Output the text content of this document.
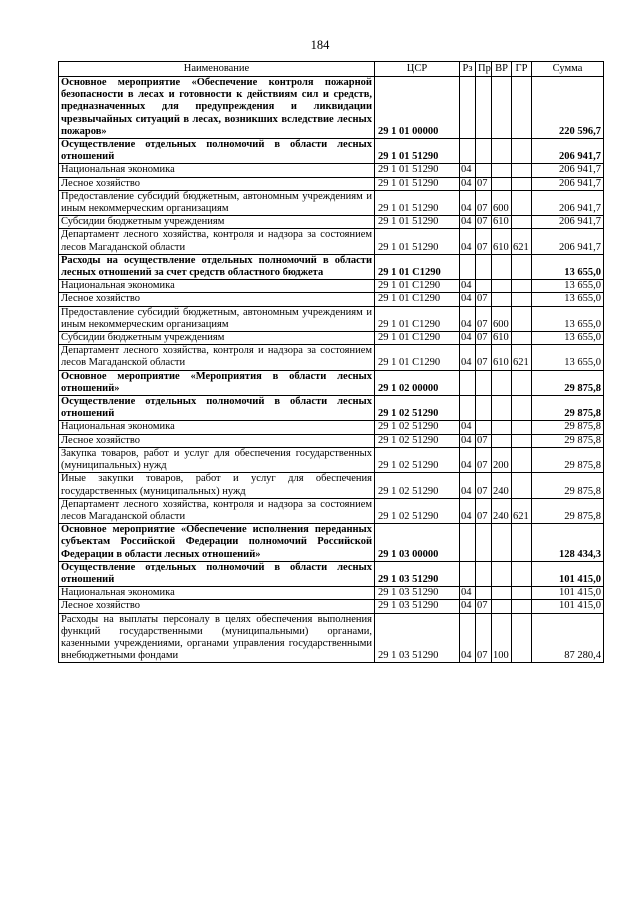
184
Наименование	ЦСР	Рз	Пр	ВР	ГР	Сумма
Основное мероприятие «Обеспечение контроля пожарной безопасности в лесах и готовности к действиям сил и средств, предназначенных для предупреждения и ликвидации чрезвычайных ситуаций в лесах, возникших вследствие лесных пожаров»	29 1 01 00000					220 596,7
Осуществление отдельных полномочий в области лесных отношений	29 1 01 51290					206 941,7
Национальная экономика	29 1 01 51290	04				206 941,7
Лесное хозяйство	29 1 01 51290	04	07			206 941,7
Предоставление субсидий бюджетным, автономным учреждениям и иным некоммерческим организациям	29 1 01 51290	04	07	600		206 941,7
Субсидии бюджетным учреждениям	29 1 01 51290	04	07	610		206 941,7
Департамент лесного хозяйства, контроля и надзора за состоянием лесов Магаданской области	29 1 01 51290	04	07	610	621	206 941,7
Расходы на осуществление отдельных полномочий в области лесных отношений за счет средств областного бюджета	29 1 01 С1290					13 655,0
Национальная экономика	29 1 01 С1290	04				13 655,0
Лесное хозяйство	29 1 01 С1290	04	07			13 655,0
Предоставление субсидий бюджетным, автономным учреждениям и иным некоммерческим организациям	29 1 01 С1290	04	07	600		13 655,0
Субсидии бюджетным учреждениям	29 1 01 С1290	04	07	610		13 655,0
Департамент лесного хозяйства, контроля и надзора за состоянием лесов Магаданской области	29 1 01 С1290	04	07	610	621	13 655,0
Основное мероприятие «Мероприятия в области лесных отношений»	29 1 02 00000					29 875,8
Осуществление отдельных полномочий в области лесных отношений	29 1 02 51290					29 875,8
Национальная экономика	29 1 02 51290	04				29 875,8
Лесное хозяйство	29 1 02 51290	04	07			29 875,8
Закупка товаров, работ и услуг для обеспечения государственных (муниципальных) нужд	29 1 02 51290	04	07	200		29 875,8
Иные закупки товаров, работ и услуг для обеспечения государственных (муниципальных) нужд	29 1 02 51290	04	07	240		29 875,8
Департамент лесного хозяйства, контроля и надзора за состоянием лесов Магаданской области	29 1 02 51290	04	07	240	621	29 875,8
Основное мероприятие «Обеспечение исполнения переданных субъектам Российской Федерации полномочий Российской Федерации в области лесных отношений»	29 1 03 00000					128 434,3
Осуществление отдельных полномочий в области лесных отношений	29 1 03 51290					101 415,0
Национальная экономика	29 1 03 51290	04				101 415,0
Лесное хозяйство	29 1 03 51290	04	07			101 415,0
Расходы на выплаты персоналу в целях обеспечения выполнения функций государственными (муниципальными) органами, казенными учреждениями, органами управления государственными внебюджетными фондами	29 1 03 51290	04	07	100		87 280,4
